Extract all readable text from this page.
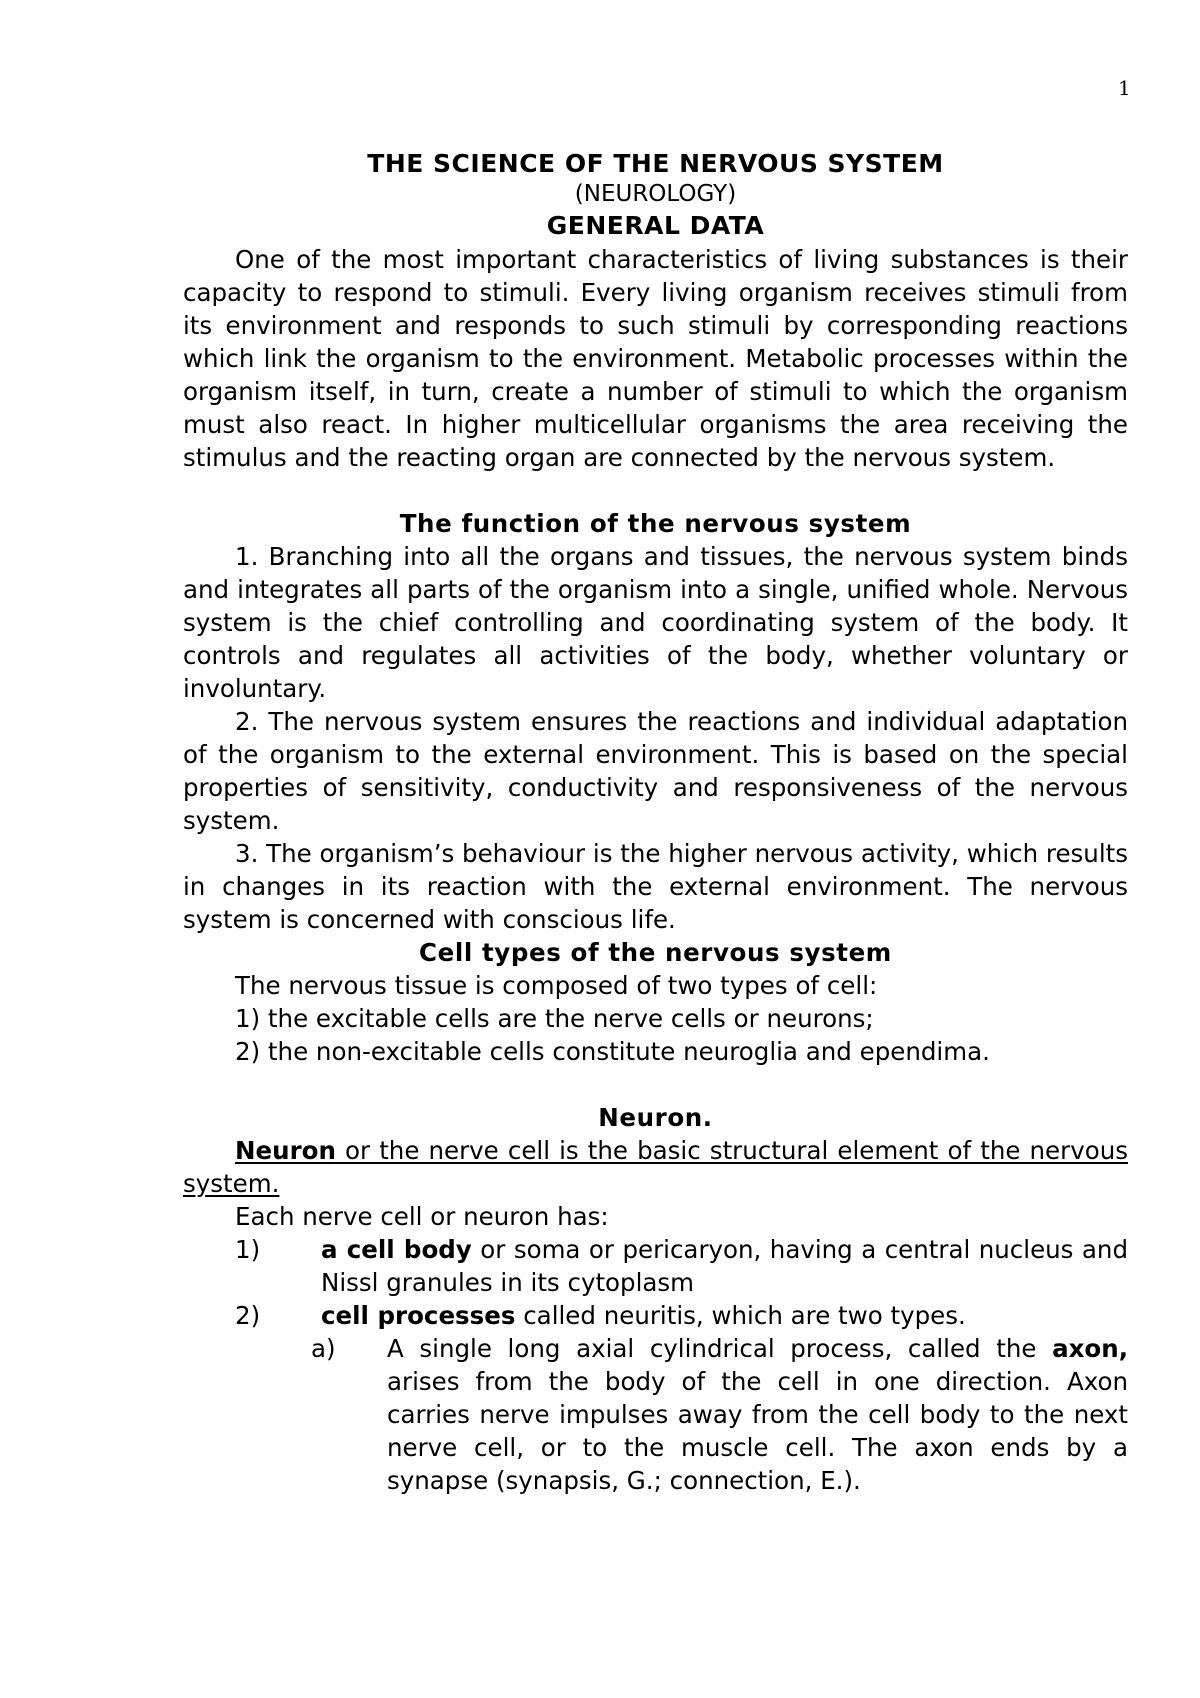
1

THE SCIENCE OF THE NERVOUS SYSTEM

(NEUROLOGY)

GENERAL DATA

One of the most important characteristics of living substances is their capacity to respond to stimuli. Every living organism receives stimuli from its environment and responds to such stimuli by corresponding reactions which link the organism to the environment. Metabolic processes within the organism itself, in turn, create a number of stimuli to which the organism must also react. In higher multicellular organisms the area receiving the stimulus and the reacting organ are connected by the nervous system.

The function of the nervous system

1. Branching into all the organs and tissues, the nervous system binds and integrates all parts of the organism into a single, unified whole. Nervous system is the chief controlling and coordinating system of the body. It controls and regulates all activities of the body, whether voluntary or involuntary.

2. The nervous system ensures the reactions and individual adaptation of the organism to the external environment. This is based on the special properties of sensitivity, conductivity and responsiveness of the nervous system.

3. The organism’s behaviour is the higher nervous activity, which results in changes in its reaction with the external environment. The nervous system is concerned with conscious life.

Cell types of the nervous system

The nervous tissue is composed of two types of cell:

1) the excitable cells are the nerve cells or neurons;

2) the non-excitable cells constitute neuroglia and ependima.

Neuron.

Neuron or the nerve cell is the basic structural element of the nervous system.

Each nerve cell or neuron has:

1)	a cell body or soma or pericaryon, having a central nucleus and Nissl granules in its cytoplasm
2)	cell processes called neuritis, which are two types.
a)	A single long axial cylindrical process, called the axon, arises from the body of the cell in one direction. Axon carries nerve impulses away from the cell body to the next nerve cell, or to the muscle cell. The axon ends by a synapse (synapsis, G.; connection, E.).
